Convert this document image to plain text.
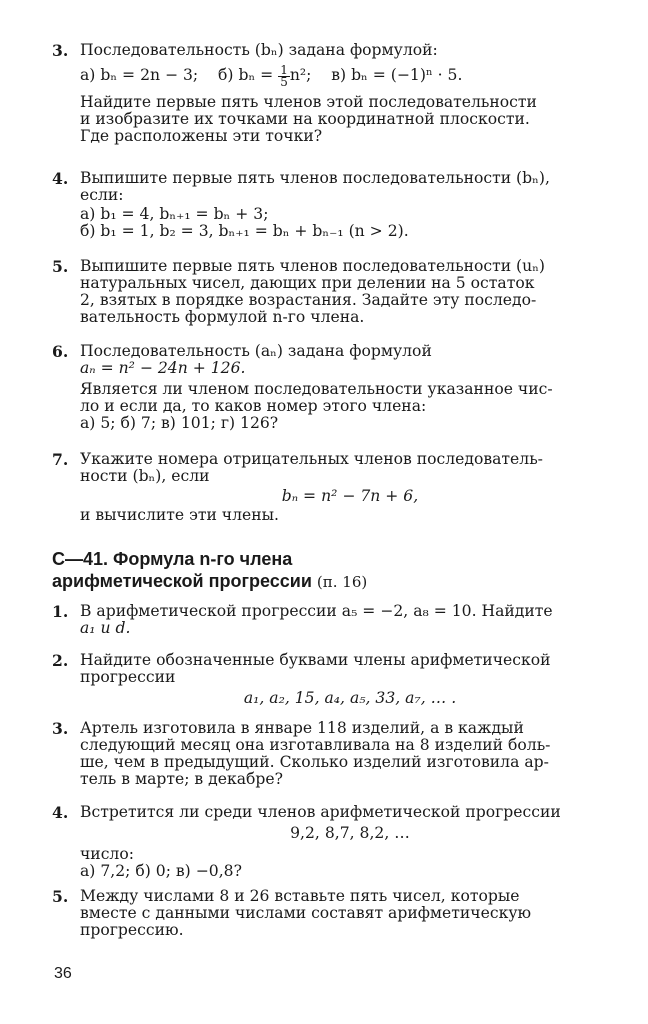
3. Последовательность (bₙ) задана формулой:
а) bₙ = 2n − 3; б) $b_n = \frac{1}{5} n^2$; в) bₙ = (−1)ⁿ · 5.
Найдите первые пять членов этой последовательности
и изобразите их точками на координатной плоскости.
Где расположены эти точки?
4. Выпишите первые пять членов последовательности (bₙ),
если:
а) b₁ = 4, bₙ₊₁ = bₙ + 3;
б) b₁ = 1, b₂ = 3, bₙ₊₁ = bₙ + bₙ₋₁ (n > 2).
5. Выпишите первые пять членов последовательности (uₙ)
натуральных чисел, дающих при делении на 5 остаток
2, взятых в порядке возрастания. Задайте эту последо-
вательность формулой n-го члена.
6. Последовательность (aₙ) задана формулой
aₙ = n² − 24n + 126.
Является ли членом последовательности указанное чис-
ло и если да, то каков номер этого члена:
а) 5; б) 7; в) 101; г) 126?
7. Укажите номера отрицательных членов последователь-
ности (bₙ), если
bₙ = n² − 7n + 6,
и вычислите эти члены.
С—41. Формула n-го члена
арифметической прогрессии (п. 16)
1. В арифметической прогрессии a₅ = −2, a₈ = 10. Найдите
a₁ и d.
2. Найдите обозначенные буквами члены арифметической
прогрессии
a₁, a₂, 15, a₄, a₅, 33, a₇, … .
3. Артель изготовила в январе 118 изделий, а в каждый
следующий месяц она изготавливала на 8 изделий боль-
ше, чем в предыдущий. Сколько изделий изготовила ар-
тель в марте; в декабре?
4. Встретится ли среди членов арифметической прогрессии
9,2, 8,7, 8,2, …
число:
а) 7,2; б) 0; в) −0,8?
5. Между числами 8 и 26 вставьте пять чисел, которые
вместе с данными числами составят арифметическую
прогрессию.
36
